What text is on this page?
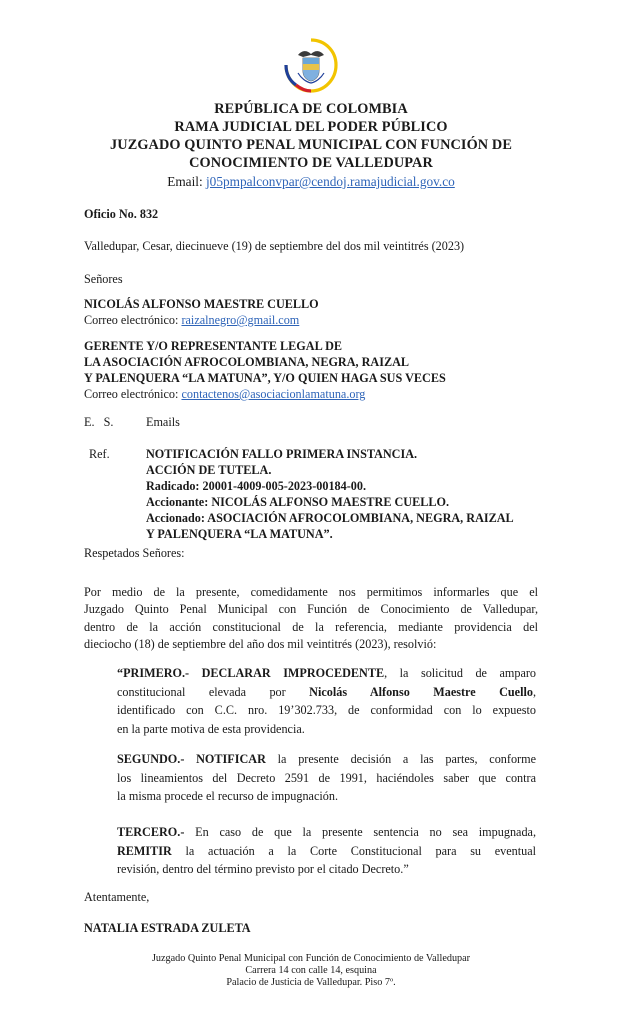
REPÚBLICA DE COLOMBIA
RAMA JUDICIAL DEL PODER PÚBLICO
JUZGADO QUINTO PENAL MUNICIPAL CON FUNCIÓN DE
CONOCIMIENTO DE VALLEDUPAR
Email: j05pmpalconvpar@cendoj.ramajudicial.gov.co
Oficio No. 832
Valledupar, Cesar, diecinueve (19) de septiembre del dos mil veintitrés (2023)
Señores
NICOLÁS ALFONSO MAESTRE CUELLO
Correo electrónico: raizalnegro@gmail.com
GERENTE Y/O REPRESENTANTE LEGAL DE
LA ASOCIACIÓN AFROCOLOMBIANA, NEGRA, RAIZAL
Y PALENQUERA “LA MATUNA”, Y/O QUIEN HAGA SUS VECES
Correo electrónico: contactenos@asociacionlamatuna.org
E.   S.	Emails
Ref.	NOTIFICACIÓN FALLO PRIMERA INSTANCIA.
ACCIÓN DE TUTELA.
Radicado: 20001-4009-005-2023-00184-00.
Accionante: NICOLÁS ALFONSO MAESTRE CUELLO.
Accionado: ASOCIACIÓN AFROCOLOMBIANA, NEGRA, RAIZAL
Y PALENQUERA “LA MATUNA”.
Respetados Señores:
Por medio de la presente, comedidamente nos permitimos informarles que el
Juzgado Quinto Penal Municipal con Función de Conocimiento de Valledupar,
dentro de la acción constitucional de la referencia, mediante providencia del
dieciocho (18) de septiembre del año dos mil veintitrés (2023), resolvió:
“PRIMERO.- DECLARAR IMPROCEDENTE, la solicitud de amparo
constitucional elevada por Nicolás Alfonso Maestre Cuello,
identificado con C.C. nro. 19’302.733, de conformidad con lo expuesto
en la parte motiva de esta providencia.
SEGUNDO.- NOTIFICAR la presente decisión a las partes, conforme
los lineamientos del Decreto 2591 de 1991, haciéndoles saber que contra
la misma procede el recurso de impugnación.
TERCERO.- En caso de que la presente sentencia no sea impugnada,
REMITIR la actuación a la Corte Constitucional para su eventual
revisión, dentro del término previsto por el citado Decreto.”
Atentamente,
NATALIA ESTRADA ZULETA
Juzgado Quinto Penal Municipal con Función de Conocimiento de Valledupar
Carrera 14 con calle 14, esquina
Palacio de Justicia de Valledupar. Piso 7º.
